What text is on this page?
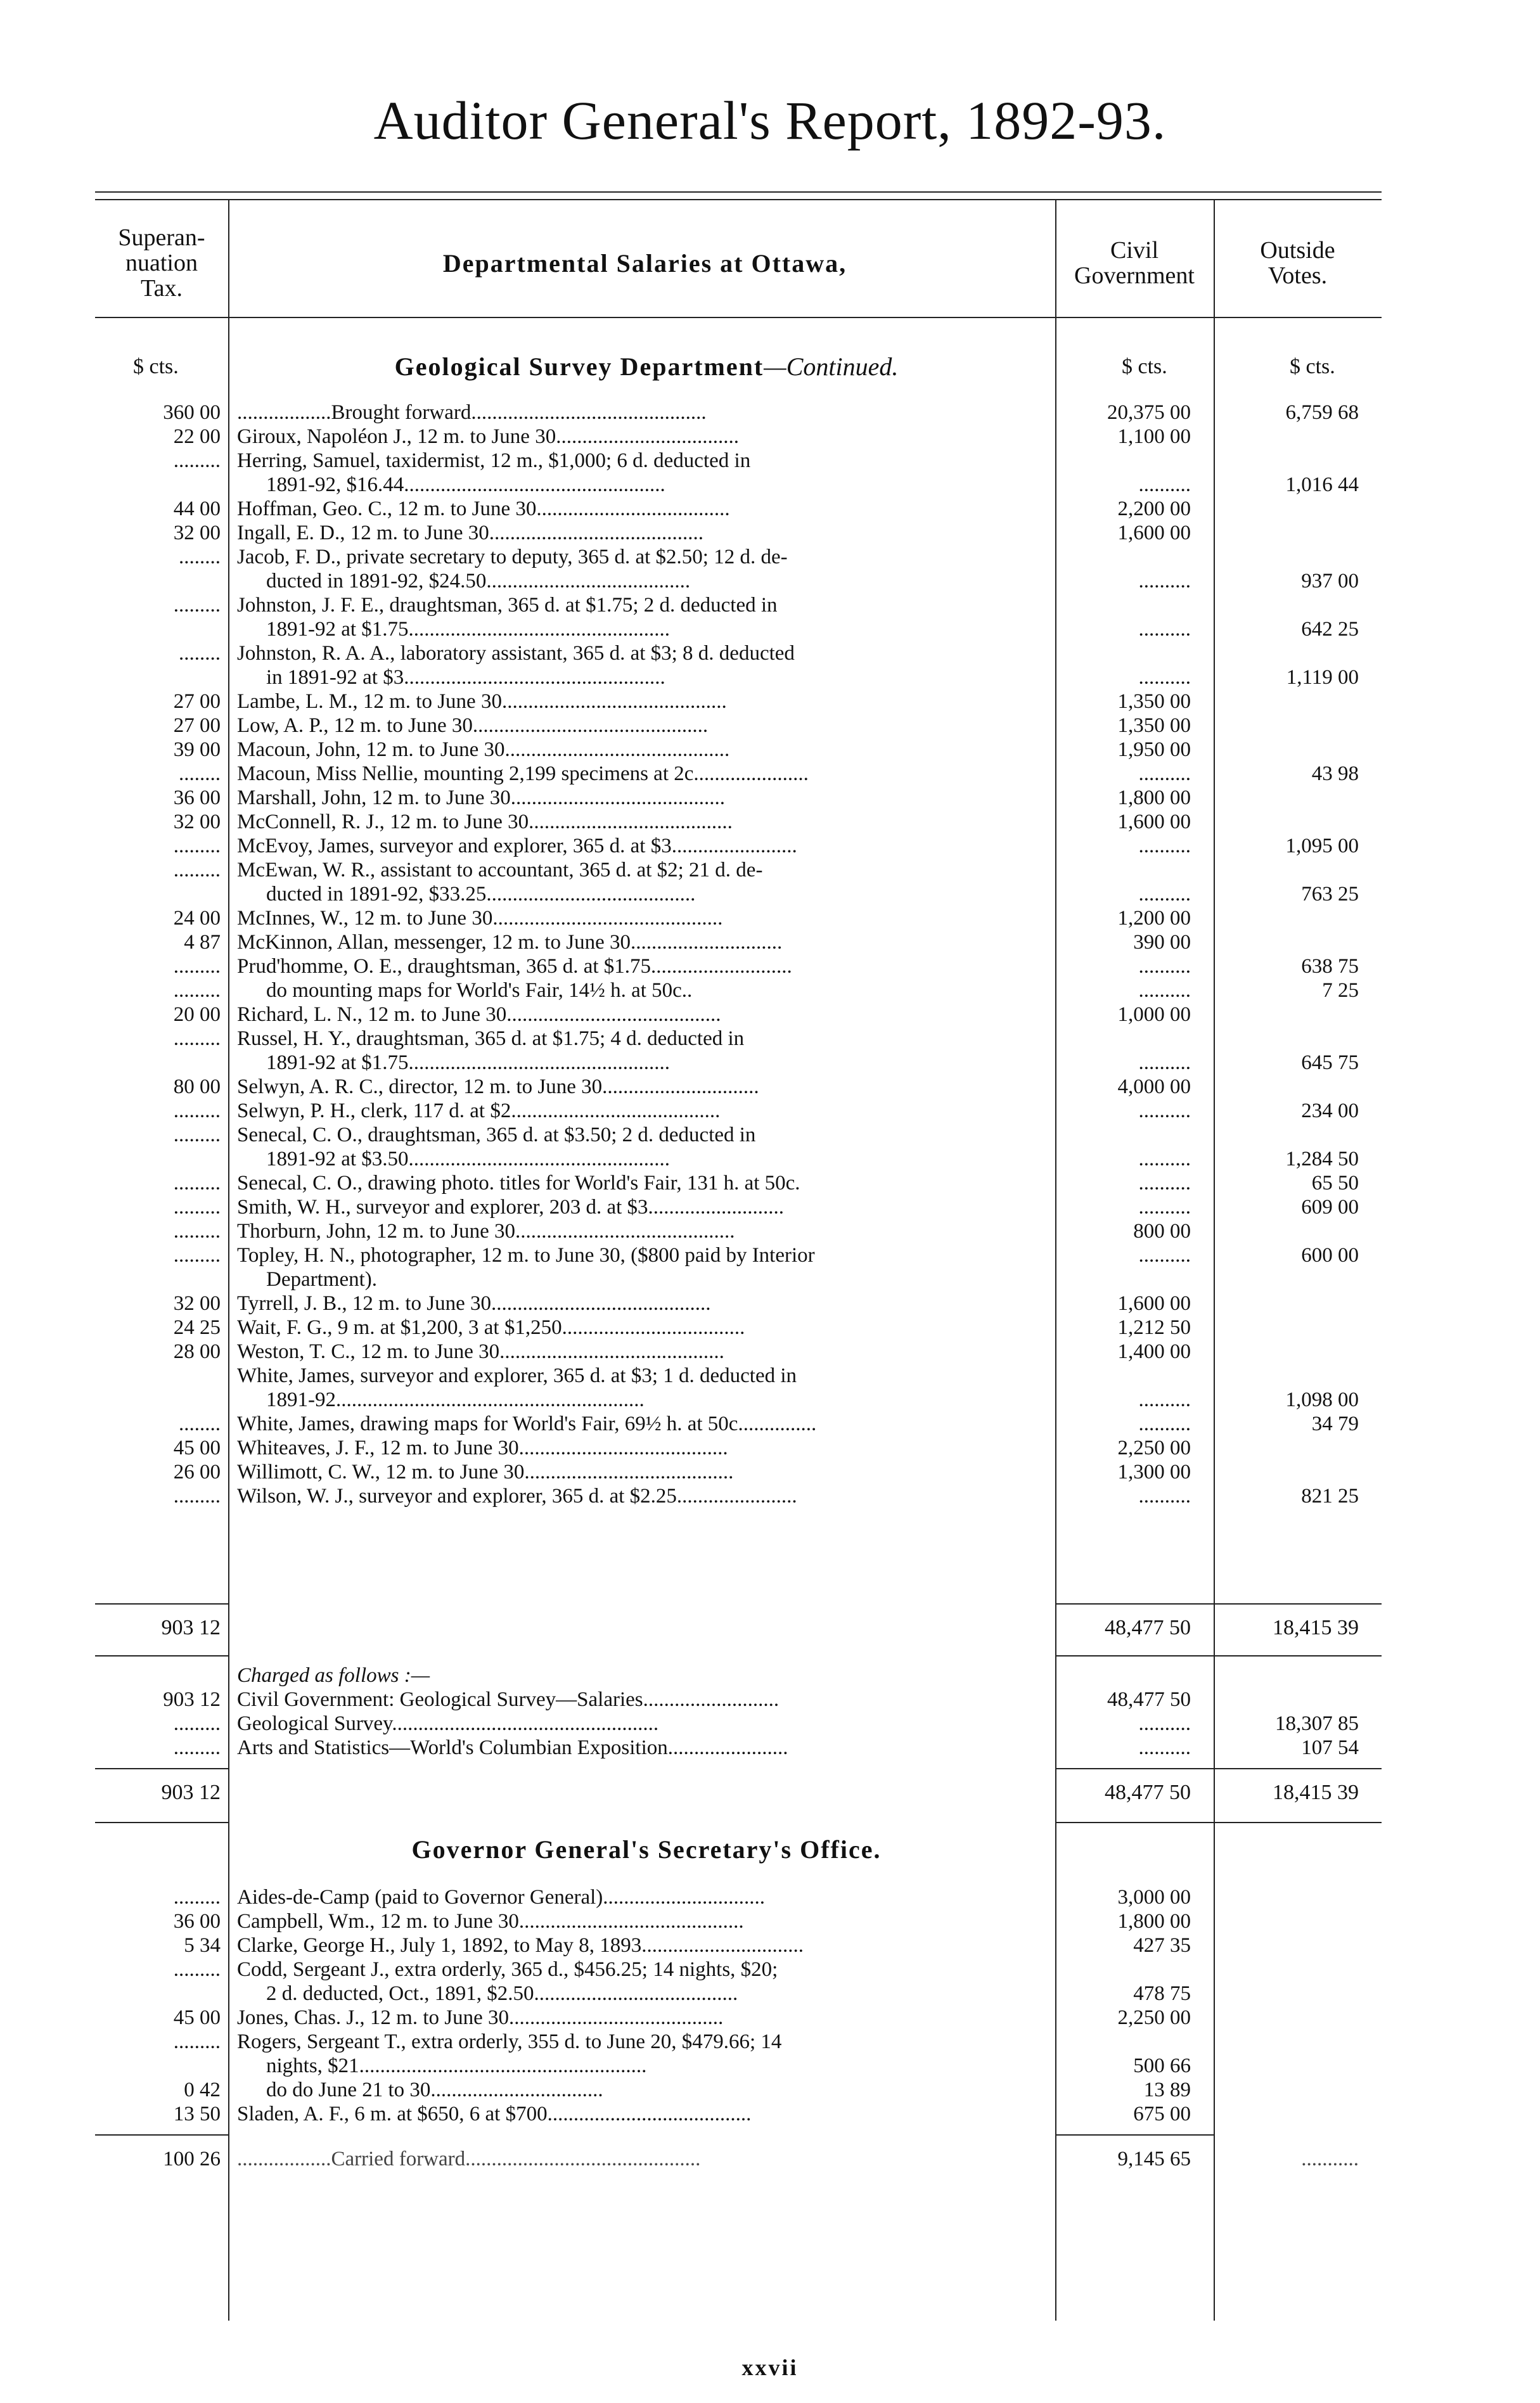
Auditor General's Report, 1892-93.
Superan-
nuation
Tax.
Departmental Salaries at Ottawa,	Civil
Government
Outside
Votes.
$ cts.	$ cts.	$ cts.
Geological Survey Department—Continued.
360 00 ..................Brought forward.............................................	20,375 00	6,759 68
22 00 Giroux, Napoléon J., 12 m. to June 30...................................	1,100 00
......... Herring, Samuel, taxidermist, 12 m., $1,000; 6 d. deducted in
1891-92, $16.44..................................................	..........	1,016 44
44 00 Hoffman, Geo. C., 12 m. to June 30.....................................	2,200 00
32 00 Ingall, E. D., 12 m. to June 30.........................................	1,600 00
........ Jacob, F. D., private secretary to deputy, 365 d. at $2.50; 12 d. de-
ducted in 1891-92, $24.50.......................................	..........	937 00
......... Johnston, J. F. E., draughtsman, 365 d. at $1.75; 2 d. deducted in
1891-92 at $1.75..................................................	..........	642 25
........ Johnston, R. A. A., laboratory assistant, 365 d. at $3; 8 d. deducted
in 1891-92 at $3..................................................	..........	1,119 00
27 00 Lambe, L. M., 12 m. to June 30...........................................	1,350 00
27 00 Low, A. P., 12 m. to June 30.............................................	1,350 00
39 00 Macoun, John, 12 m. to June 30...........................................	1,950 00
........ Macoun, Miss Nellie, mounting 2,199 specimens at 2c......................	..........	43 98
36 00 Marshall, John, 12 m. to June 30.........................................	1,800 00
32 00 McConnell, R. J., 12 m. to June 30.......................................	1,600 00
......... McEvoy, James, surveyor and explorer, 365 d. at $3........................	..........	1,095 00
......... McEwan, W. R., assistant to accountant, 365 d. at $2; 21 d. de-
ducted in 1891-92, $33.25........................................	..........	763 25
24 00 McInnes, W., 12 m. to June 30............................................	1,200 00
4 87 McKinnon, Allan, messenger, 12 m. to June 30.............................	390 00
......... Prud'homme, O. E., draughtsman, 365 d. at $1.75...........................	..........	638 75
.........	do mounting maps for World's Fair, 14½ h. at 50c..	..........	7 25
20 00 Richard, L. N., 12 m. to June 30.........................................	1,000 00
......... Russel, H. Y., draughtsman, 365 d. at $1.75; 4 d. deducted in
1891-92 at $1.75..................................................	..........	645 75
80 00 Selwyn, A. R. C., director, 12 m. to June 30..............................	4,000 00
......... Selwyn, P. H., clerk, 117 d. at $2........................................	..........	234 00
......... Senecal, C. O., draughtsman, 365 d. at $3.50; 2 d. deducted in
1891-92 at $3.50..................................................	..........	1,284 50
......... Senecal, C. O., drawing photo. titles for World's Fair, 131 h. at 50c.	..........	65 50
......... Smith, W. H., surveyor and explorer, 203 d. at $3..........................	..........	609 00
......... Thorburn, John, 12 m. to June 30..........................................	800 00
......... Topley, H. N., photographer, 12 m. to June 30, ($800 paid by Interior	..........	600 00
Department).
32 00 Tyrrell, J. B., 12 m. to June 30..........................................	1,600 00
24 25 Wait, F. G., 9 m. at $1,200, 3 at $1,250...................................	1,212 50
28 00 Weston, T. C., 12 m. to June 30...........................................	1,400 00
White, James, surveyor and explorer, 365 d. at $3; 1 d. deducted in
1891-92...........................................................	..........	1,098 00
........ White, James, drawing maps for World's Fair, 69½ h. at 50c...............	..........	34 79
45 00 Whiteaves, J. F., 12 m. to June 30........................................	2,250 00
26 00 Willimott, C. W., 12 m. to June 30........................................	1,300 00
......... Wilson, W. J., surveyor and explorer, 365 d. at $2.25.......................	..........	821 25
903 12	48,477 50	18,415 39
Charged as follows :—
903 12 Civil Government: Geological Survey—Salaries..........................	48,477 50
......... Geological Survey...................................................	..........	18,307 85
......... Arts and Statistics—World's Columbian Exposition.......................	..........	107 54
903 12	48,477 50	18,415 39
Governor General's Secretary's Office.
......... Aides-de-Camp (paid to Governor General)...............................	3,000 00
36 00 Campbell, Wm., 12 m. to June 30...........................................	1,800 00
5 34 Clarke, George H., July 1, 1892, to May 8, 1893...............................	427 35
......... Codd, Sergeant J., extra orderly, 365 d., $456.25; 14 nights, $20;
2 d. deducted, Oct., 1891, $2.50.......................................	478 75
45 00 Jones, Chas. J., 12 m. to June 30.........................................	2,250 00
......... Rogers, Sergeant T., extra orderly, 355 d. to June 20, $479.66; 14
nights, $21.......................................................	500 66
0 42	do do June 21 to 30.................................	13 89
13 50 Sladen, A. F., 6 m. at $650, 6 at $700.......................................	675 00
100 26 ..................Carried forward.............................................	9,145 65	...........
xxvii
